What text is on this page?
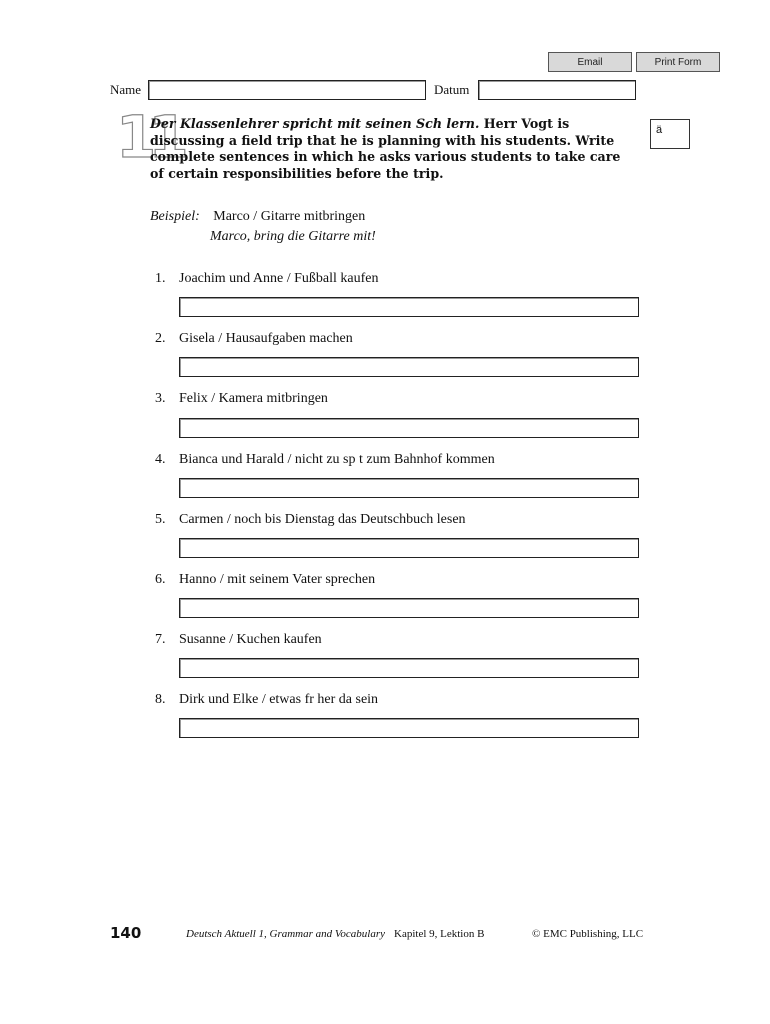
Email	Print Form
Name	Datum
11
Der Klassenlehrer spricht mit seinen Sch lern. Herr Vogt is discussing a field trip that he is planning with his students. Write complete sentences in which he asks various students to take care of certain responsibilities before the trip.
ä
Beispiel: Marco / Gitarre mitbringen
Marco, bring die Gitarre mit!
1. Joachim und Anne / Fußball kaufen
2. Gisela / Hausaufgaben machen
3. Felix / Kamera mitbringen
4. Bianca und Harald / nicht zu sp t zum Bahnhof kommen
5. Carmen / noch bis Dienstag das Deutschbuch lesen
6. Hanno / mit seinem Vater sprechen
7. Susanne / Kuchen kaufen
8. Dirk und Elke / etwas fr her da sein
140	Deutsch Aktuell 1, Grammar and Vocabulary Kapitel 9, Lektion B	© EMC Publishing, LLC
